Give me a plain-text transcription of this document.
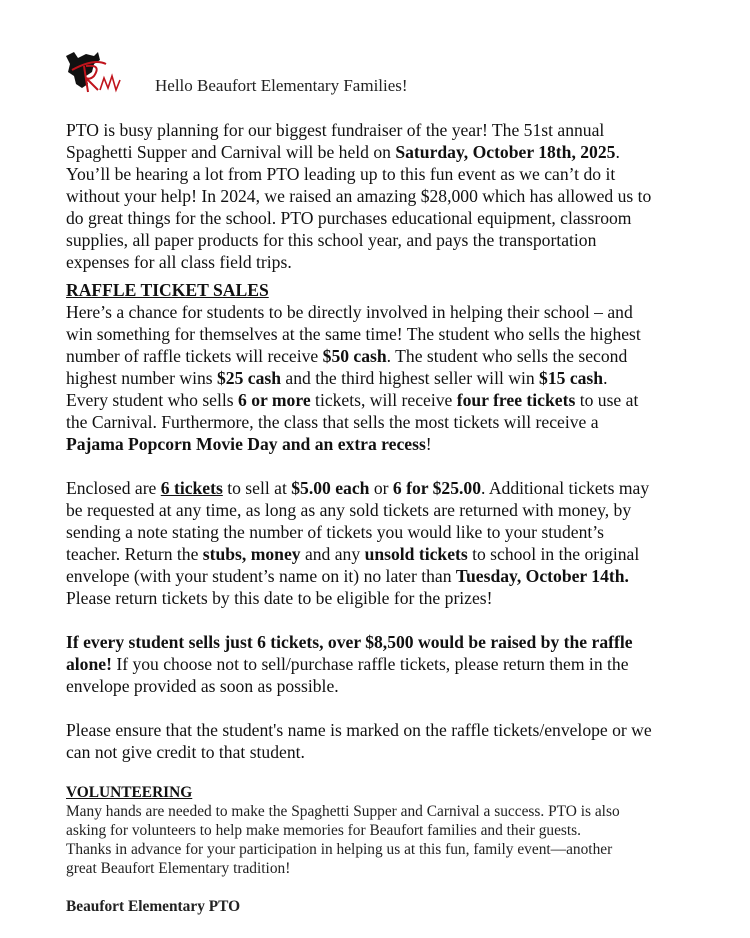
Hello Beaufort Elementary Families!
PTO is busy planning for our biggest fundraiser of the year! The 51st annual
Spaghetti Supper and Carnival will be held on Saturday, October 18th, 2025.
You’ll be hearing a lot from PTO leading up to this fun event as we can’t do it
without your help! In 2024, we raised an amazing $28,000 which has allowed us to
do great things for the school. PTO purchases educational equipment, classroom
supplies, all paper products for this school year, and pays the transportation
expenses for all class field trips.
RAFFLE TICKET SALES
Here’s a chance for students to be directly involved in helping their school – and
win something for themselves at the same time! The student who sells the highest
number of raffle tickets will receive $50 cash. The student who sells the second
highest number wins $25 cash and the third highest seller will win $15 cash.
Every student who sells 6 or more tickets, will receive four free tickets to use at
the Carnival. Furthermore, the class that sells the most tickets will receive a
Pajama Popcorn Movie Day and an extra recess!
Enclosed are 6 tickets to sell at $5.00 each or 6 for $25.00. Additional tickets may
be requested at any time, as long as any sold tickets are returned with money, by
sending a note stating the number of tickets you would like to your student’s
teacher. Return the stubs, money and any unsold tickets to school in the original
envelope (with your student’s name on it) no later than Tuesday, October 14th.
Please return tickets by this date to be eligible for the prizes!
If every student sells just 6 tickets, over $8,500 would be raised by the raffle
alone! If you choose not to sell/purchase raffle tickets, please return them in the
envelope provided as soon as possible.
Please ensure that the student's name is marked on the raffle tickets/envelope or we
can not give credit to that student.
VOLUNTEERING
Many hands are needed to make the Spaghetti Supper and Carnival a success. PTO is also
asking for volunteers to help make memories for Beaufort families and their guests.
Thanks in advance for your participation in helping us at this fun, family event—another
great Beaufort Elementary tradition!
Beaufort Elementary PTO
